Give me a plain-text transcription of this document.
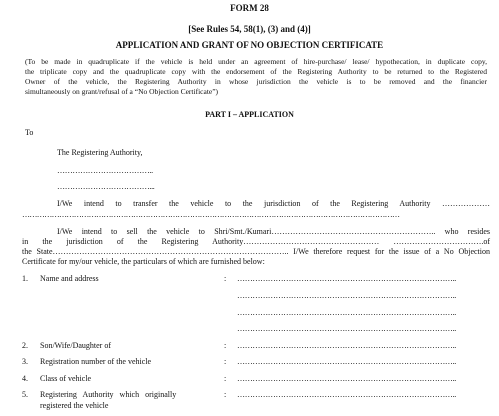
FORM 28
[See Rules 54, 58(1), (3) and (4)]
APPLICATION AND GRANT OF NO OBJECTION CERTIFICATE
(To be made in quadruplicate if the vehicle is held under an agreement of hire-purchase/ lease/ hypothecation, in duplicate copy,
the triplicate copy and the quadruplicate copy with the endorsement of the Registering Authority to be returned to the Registered
Owner of the vehicle, the Registering Authority in whose jurisdiction the vehicle is to be removed and the financier
simultaneously on grant/refusal of a “No Objection Certificate”)
PART I – APPLICATION
To
The Registering Authority,
………………………………..
………………………………...
I/We intend to transfer the vehicle to the jurisdiction of the Registering Authority ………………
………………………………………………………………………………………………………………………………………
I/We intend to sell the vehicle to Shri/Smt./Kumari…………………………………………………….. who resides
in the jurisdiction of the Registering Authority…………………………………………… …………………………….of
the State…………………………………………………………………………….. I/We therefore request for the issue of a No Objection
Certificate for my/our vehicle, the particulars of which are furnished below:
1. Name and address	: …………………………………………………………………………..
…………………………………………………………………………..
…………………………………………………………………………..
…………………………………………………………………………..
2. Son/Wife/Daughter of	: …………………………………………………………………………..
3. Registration number of the vehicle	: …………………………………………………………………………..
4. Class of vehicle	: …………………………………………………………………………..
5. Registering   Authority   which   originally
registered the vehicle
: …………………………………………………………………………..
